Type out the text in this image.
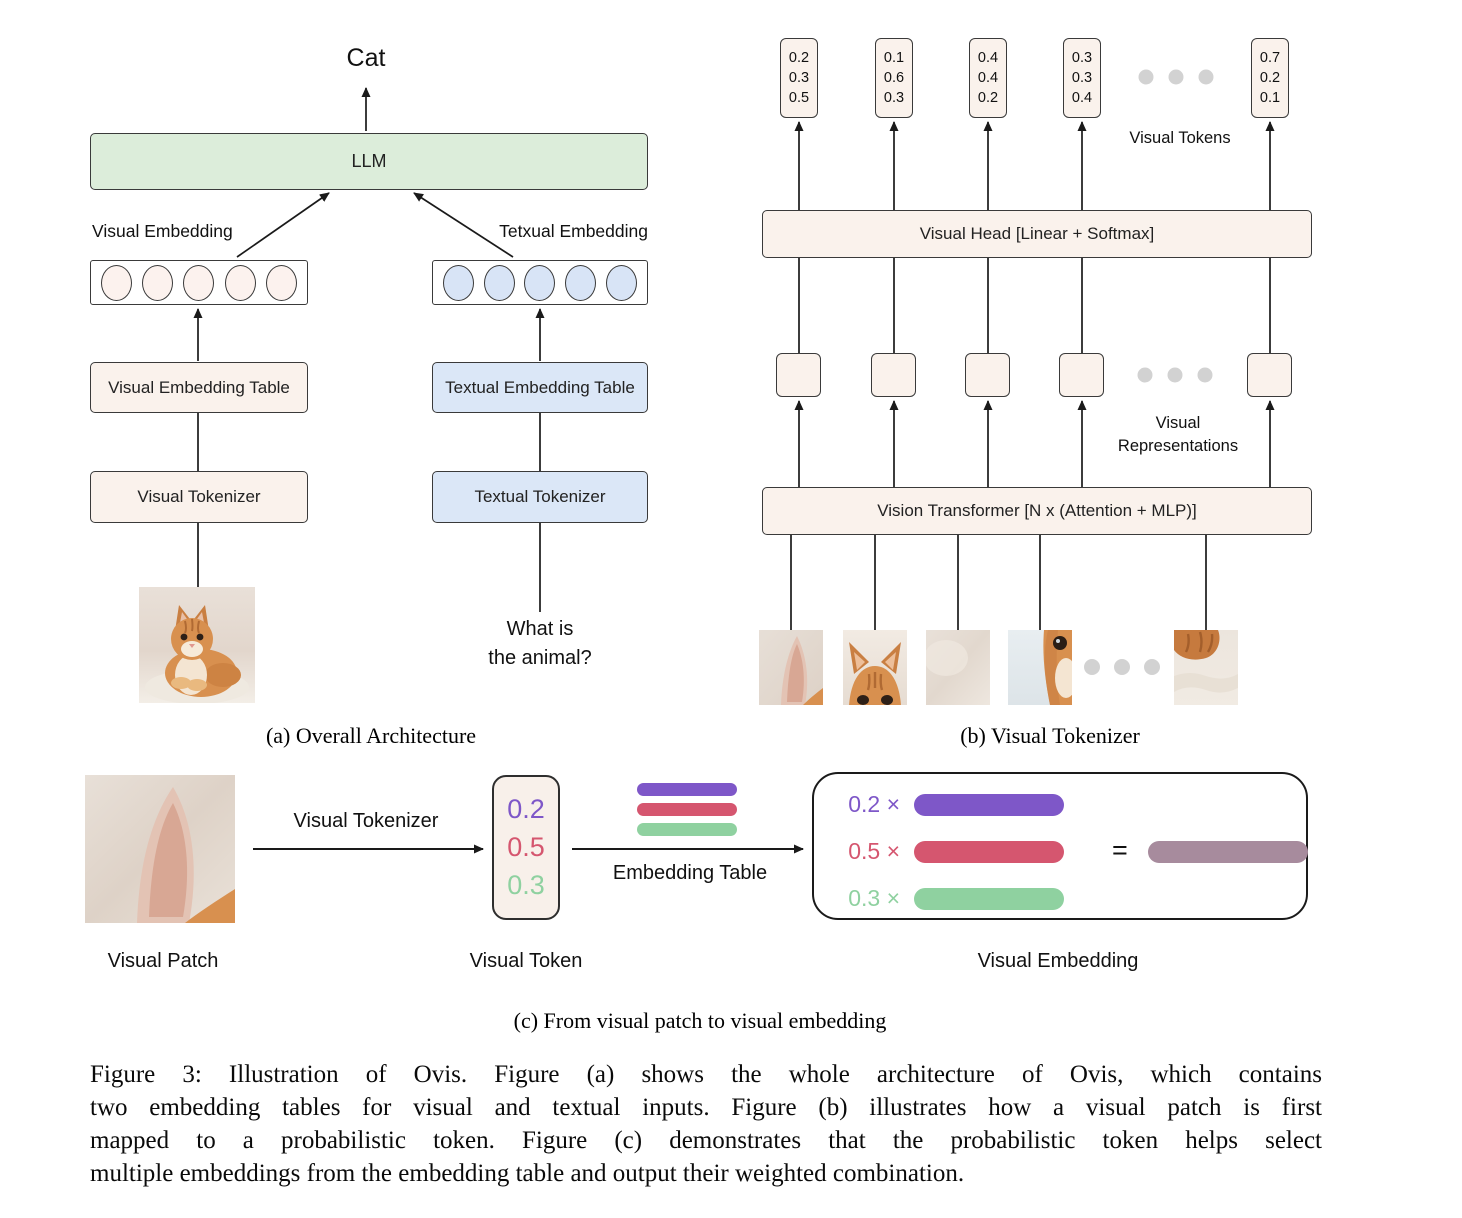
Cat
LLM
Visual Embedding	Tetxual Embedding
Visual Embedding Table	Textual Embedding Table
Visual Tokenizer	Textual Tokenizer
What is
the animal?
(a) Overall Architecture
0.2
0.3
0.5
0.1
0.6
0.3
0.4
0.4
0.2
0.3
0.3
0.4
0.7
0.2
0.1
Visual Tokens
Visual Head [Linear + Softmax]
Visual
Representations
Vision Transformer [N x (Attention + MLP)]
(b) Visual Tokenizer
Visual Tokenizer	0.2
0.5
0.3	Embedding Table
0.2 ×
0.5 ×
0.3 ×
=
Visual Patch	Visual Token	Visual Embedding
(c) From visual patch to visual embedding
Figure 3: Illustration of Ovis. Figure (a) shows the whole architecture of Ovis, which contains
two embedding tables for visual and textual inputs. Figure (b) illustrates how a visual patch is first
mapped to a probabilistic token. Figure (c) demonstrates that the probabilistic token helps select
multiple embeddings from the embedding table and output their weighted combination.
